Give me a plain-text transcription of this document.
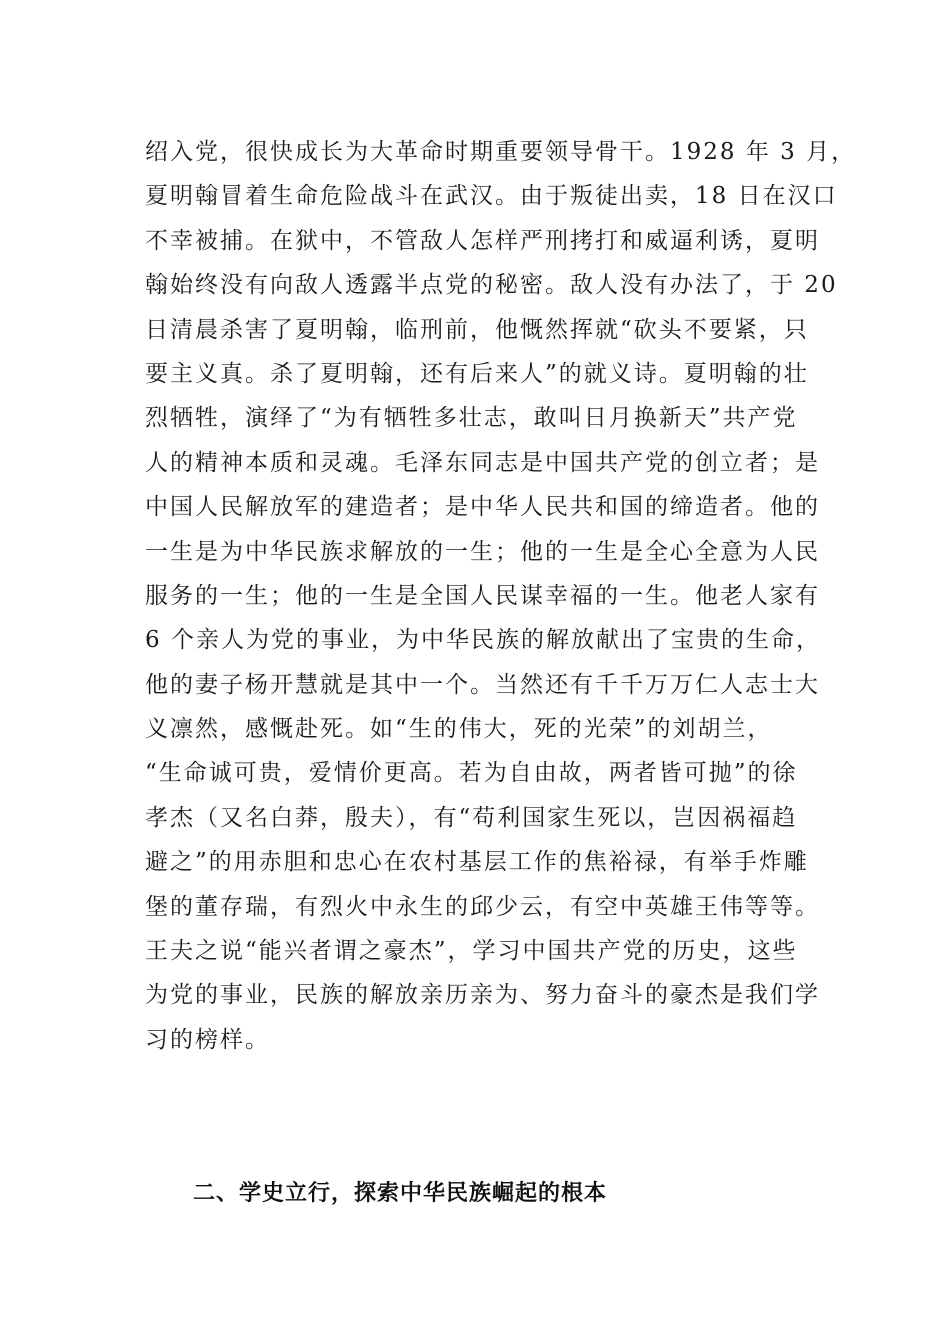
绍入党，很快成长为大革命时期重要领导骨干。1928 年 3 月，
夏明翰冒着生命危险战斗在武汉。由于叛徒出卖，18 日在汉口
不幸被捕。在狱中，不管敌人怎样严刑拷打和威逼利诱，夏明
翰始终没有向敌人透露半点党的秘密。敌人没有办法了，于 20
日清晨杀害了夏明翰，临刑前，他慨然挥就“砍头不要紧，只
要主义真。杀了夏明翰，还有后来人”的就义诗。夏明翰的壮
烈牺牲，演绎了“为有牺牲多壮志，敢叫日月换新天”共产党
人的精神本质和灵魂。毛泽东同志是中国共产党的创立者；是
中国人民解放军的建造者；是中华人民共和国的缔造者。他的
一生是为中华民族求解放的一生；他的一生是全心全意为人民
服务的一生；他的一生是全国人民谋幸福的一生。他老人家有
6 个亲人为党的事业，为中华民族的解放献出了宝贵的生命，
他的妻子杨开慧就是其中一个。当然还有千千万万仁人志士大
义凛然，感慨赴死。如“生的伟大，死的光荣”的刘胡兰，
“生命诚可贵，爱情价更高。若为自由故，两者皆可抛”的徐
孝杰（又名白莽，殷夫），有“苟利国家生死以，岂因祸福趋
避之”的用赤胆和忠心在农村基层工作的焦裕禄，有举手炸雕
堡的董存瑞，有烈火中永生的邱少云，有空中英雄王伟等等。
王夫之说“能兴者谓之豪杰”，学习中国共产党的历史，这些
为党的事业，民族的解放亲历亲为、努力奋斗的豪杰是我们学
习的榜样。
二、学史立行，探索中华民族崛起的根本
